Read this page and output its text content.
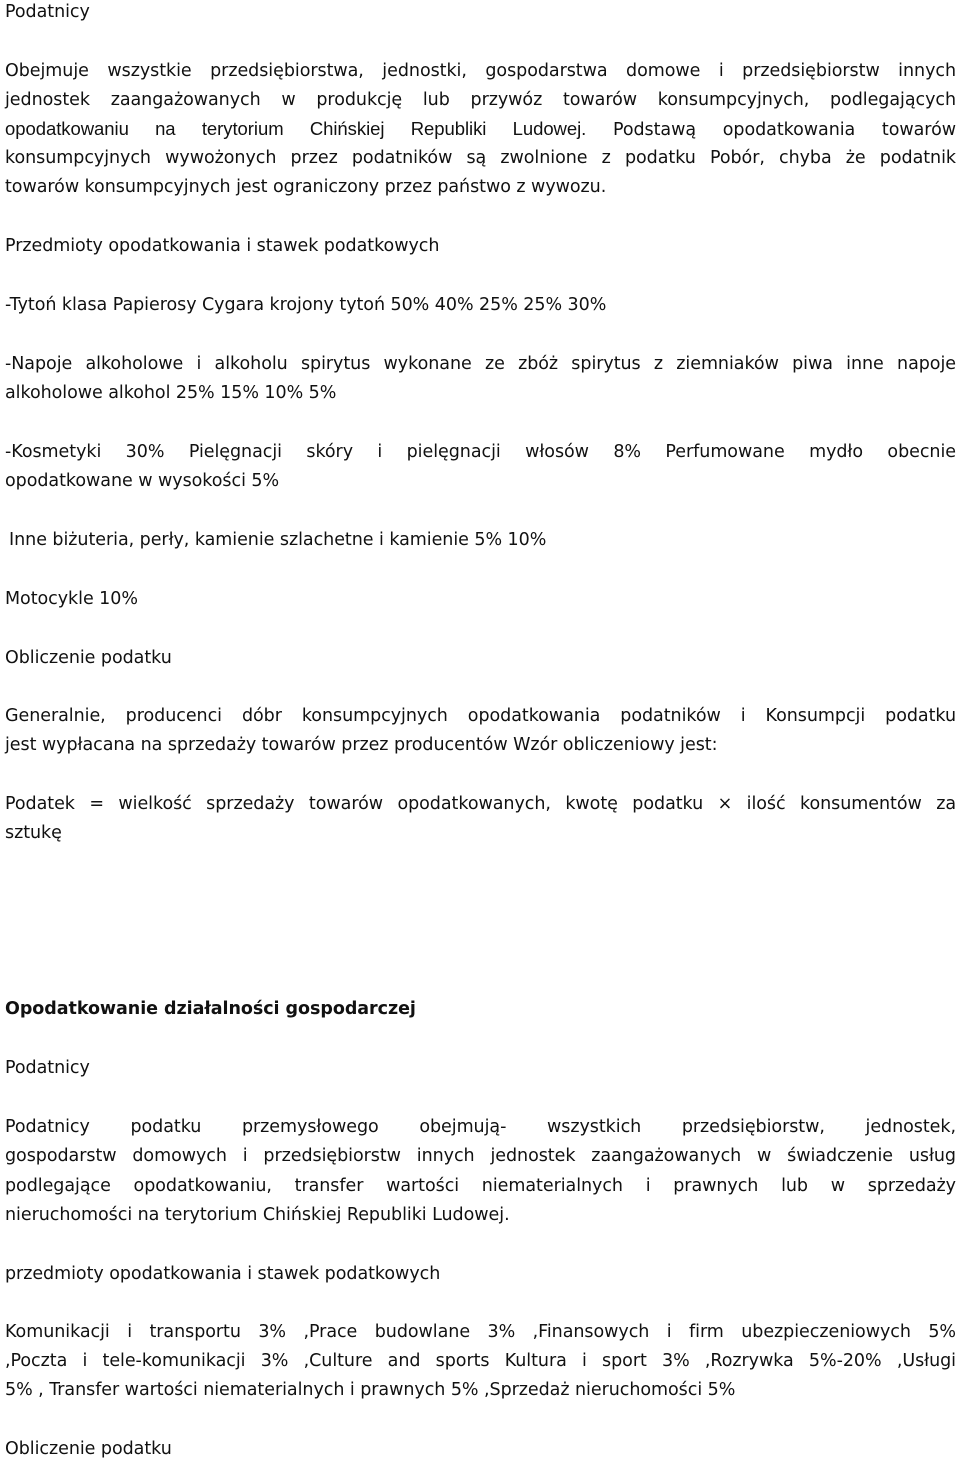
Podatnicy
Obejmuje wszystkie przedsiębiorstwa, jednostki, gospodarstwa domowe i przedsiębiorstw innych
jednostek zaangażowanych w produkcję lub przywóz towarów konsumpcyjnych, podlegających
opodatkowaniu na terytorium Chińskiej Republiki Ludowej. Podstawą opodatkowania towarów
konsumpcyjnych wywożonych przez podatników są zwolnione z podatku Pobór, chyba że podatnik
towarów konsumpcyjnych jest ograniczony przez państwo z wywozu.
Przedmioty opodatkowania i stawek podatkowych
-Tytoń klasa Papierosy Cygara krojony tytoń 50% 40% 25% 25% 30%
-Napoje alkoholowe i alkoholu spirytus wykonane ze zbóż spirytus z ziemniaków piwa inne napoje
alkoholowe alkohol 25% 15% 10% 5%
-Kosmetyki 30% Pielęgnacji skóry i pielęgnacji włosów 8% Perfumowane mydło obecnie
opodatkowane w wysokości 5%
Inne biżuteria, perły, kamienie szlachetne i kamienie 5% 10%
Motocykle 10%
Obliczenie podatku
Generalnie, producenci dóbr konsumpcyjnych opodatkowania podatników i Konsumpcji podatku
jest wypłacana na sprzedaży towarów przez producentów Wzór obliczeniowy jest:
Podatek = wielkość sprzedaży towarów opodatkowanych, kwotę podatku × ilość konsumentów za
sztukę
Opodatkowanie działalności gospodarczej
Podatnicy
Podatnicy podatku przemysłowego obejmują- wszystkich przedsiębiorstw, jednostek,
gospodarstw domowych i przedsiębiorstw innych jednostek zaangażowanych w świadczenie usług
podlegające opodatkowaniu, transfer wartości niematerialnych i prawnych lub w sprzedaży
nieruchomości na terytorium Chińskiej Republiki Ludowej.
przedmioty opodatkowania i stawek podatkowych
Komunikacji i transportu 3% ,Prace budowlane 3% ,Finansowych i firm ubezpieczeniowych 5%
,Poczta i tele-komunikacji 3% ,Culture and sports Kultura i sport 3% ,Rozrywka 5%-20% ,Usługi
5% , Transfer wartości niematerialnych i prawnych 5% ,Sprzedaż nieruchomości 5%
Obliczenie podatku
